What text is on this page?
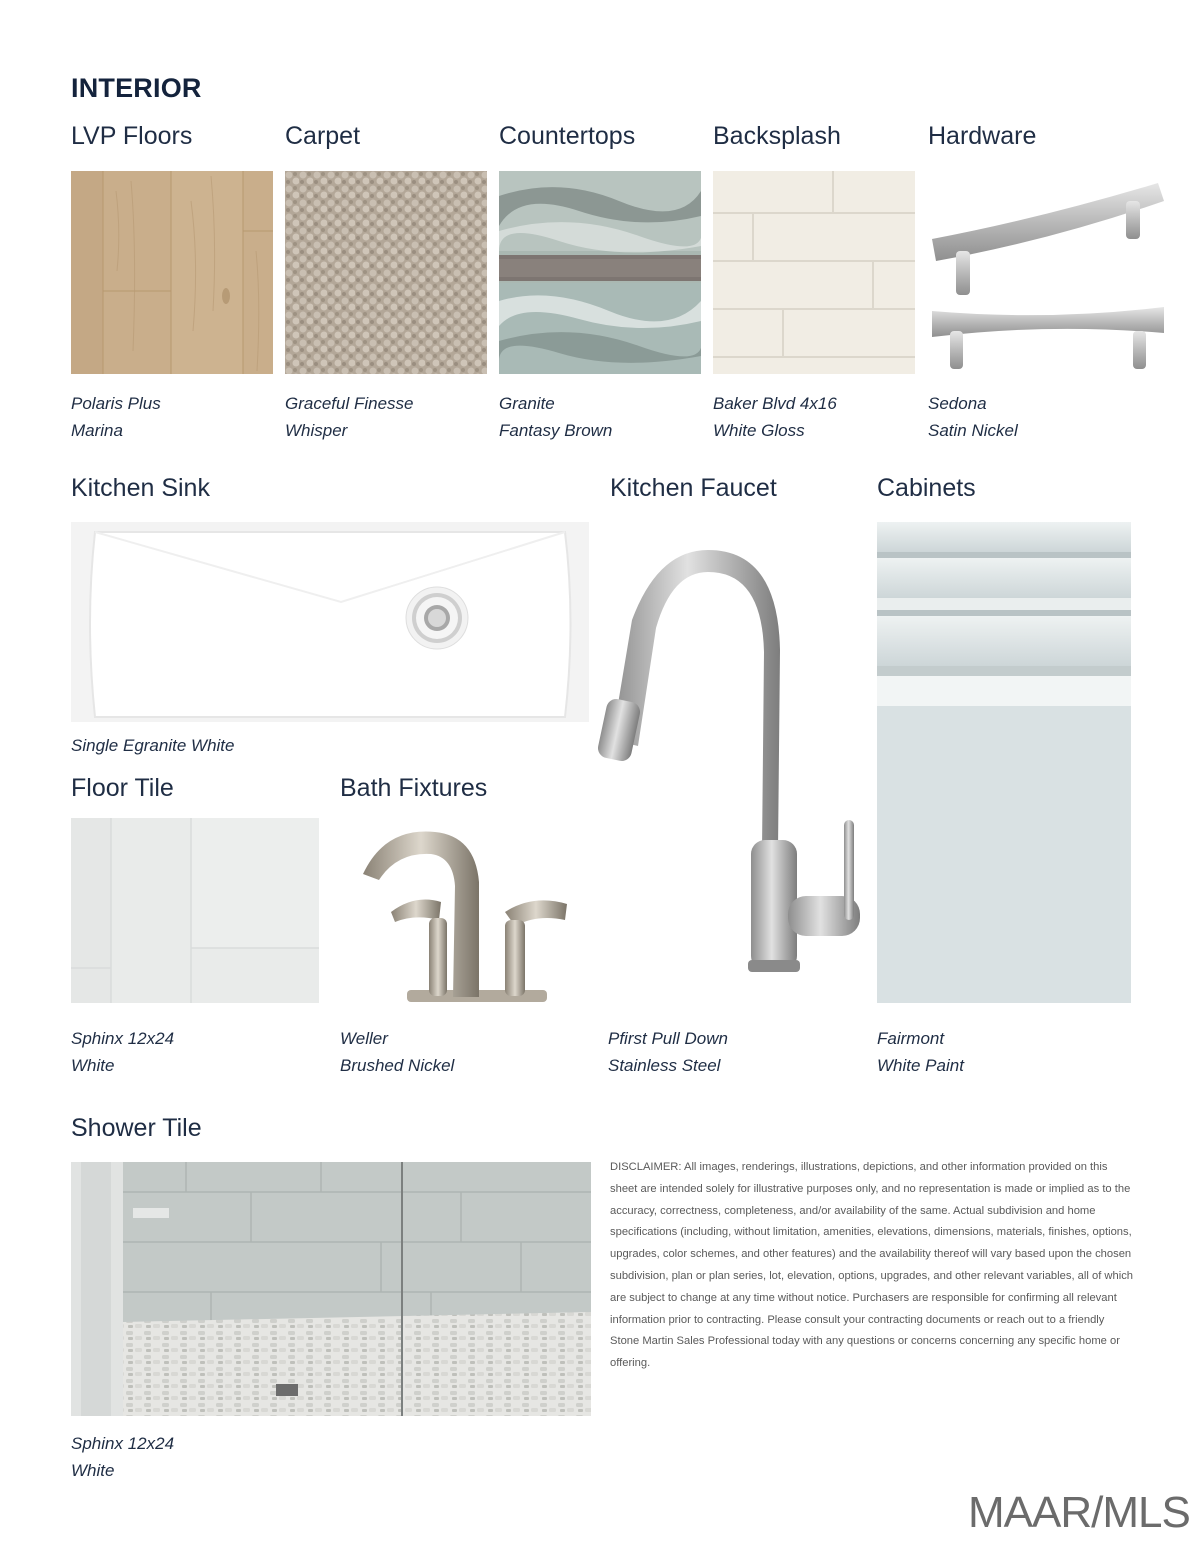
INTERIOR
LVP Floors	Carpet	Countertops	Backsplash	Hardware
Polaris Plus
Marina
Graceful Finesse
Whisper
Granite
Fantasy Brown
Baker Blvd 4x16
White Gloss
Sedona
Satin Nickel
Kitchen Sink	Kitchen Faucet	Cabinets
Single Egranite White
Pfirst Pull Down
Stainless Steel
Fairmont
White Paint
Floor Tile	Bath Fixtures
Sphinx 12x24
White
Weller
Brushed Nickel
Shower Tile
Sphinx 12x24
White
DISCLAIMER: All images, renderings, illustrations, depictions, and other information provided on this sheet are intended solely for illustrative purposes only, and no representation is made or implied as to the accuracy, correctness, completeness, and/or availability of the same. Actual subdivision and home specifications (including, without limitation, amenities, elevations, dimensions, materials, finishes, options, upgrades, color schemes, and other features) and the availability thereof will vary based upon the chosen subdivision, plan or plan series, lot, elevation, options, upgrades, and other relevant variables, all of which are subject to change at any time without notice. Purchasers are responsible for confirming all relevant information prior to contracting. Please consult your contracting documents or reach out to a friendly Stone Martin Sales Professional today with any questions or concerns concerning any specific home or offering.
MAAR/MLS
